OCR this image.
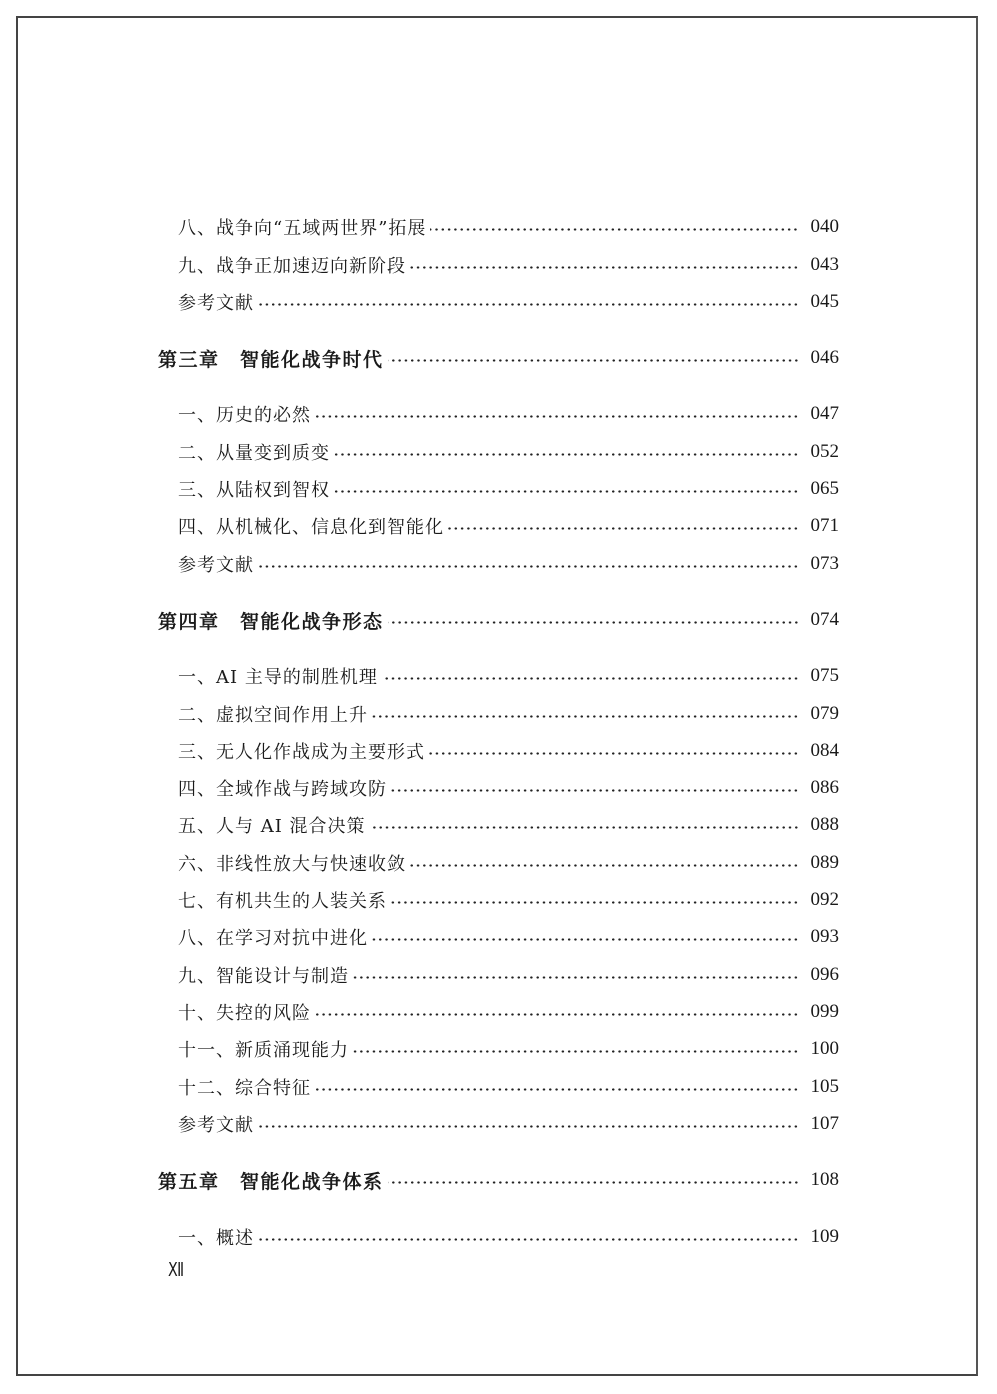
八、战争向“五域两世界”拓展	040
九、战争正加速迈向新阶段	043
参考文献	045
第三章　智能化战争时代	046
一、历史的必然	047
二、从量变到质变	052
三、从陆权到智权	065
四、从机械化、信息化到智能化	071
参考文献	073
第四章　智能化战争形态	074
一、AI 主导的制胜机理	075
二、虚拟空间作用上升	079
三、无人化作战成为主要形式	084
四、全域作战与跨域攻防	086
五、人与 AI 混合决策	088
六、非线性放大与快速收敛	089
七、有机共生的人装关系	092
八、在学习对抗中进化	093
九、智能设计与制造	096
十、失控的风险	099
十一、新质涌现能力	100
十二、综合特征	105
参考文献	107
第五章　智能化战争体系	108
一、概述	109
Ⅻ
